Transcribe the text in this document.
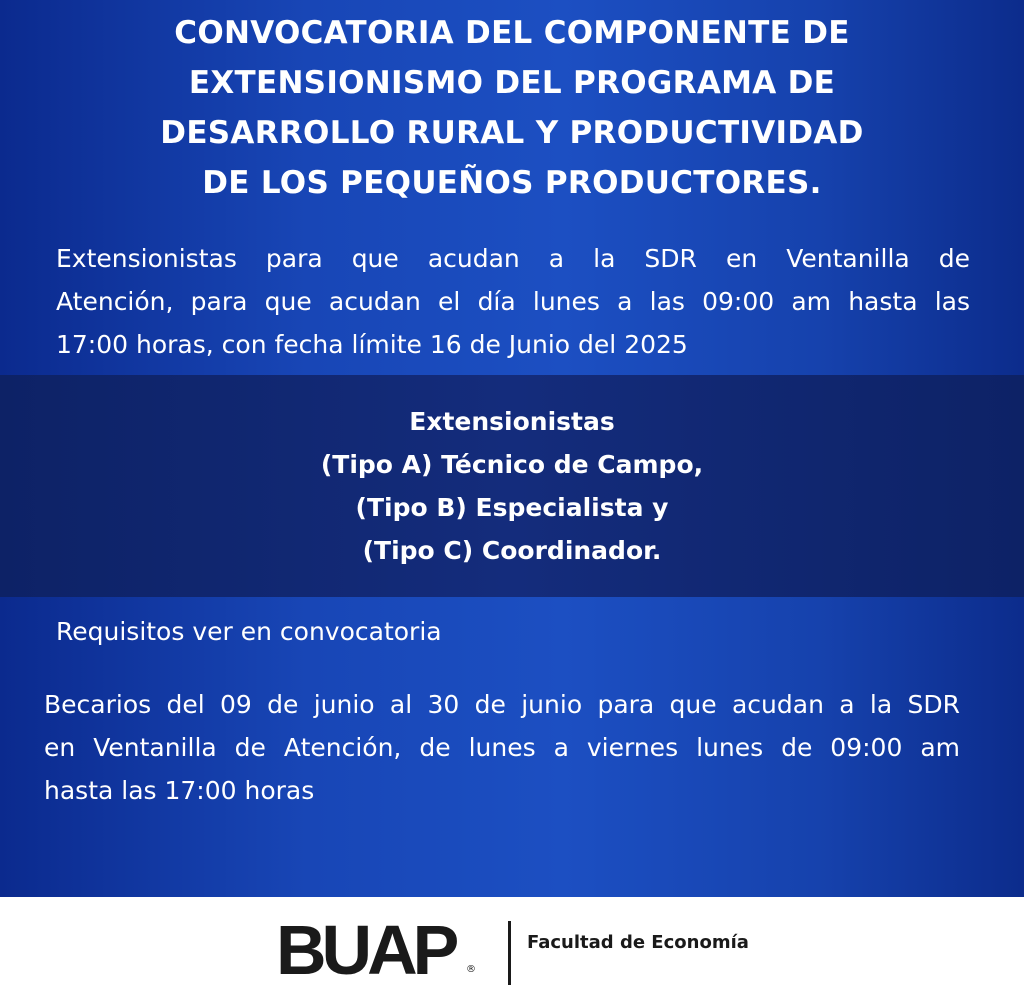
CONVOCATORIA DEL COMPONENTE DE
EXTENSIONISMO DEL PROGRAMA DE
DESARROLLO RURAL Y PRODUCTIVIDAD
DE LOS PEQUEÑOS PRODUCTORES.
Extensionistas para que acudan a la SDR en Ventanilla de
Atención, para que acudan el día lunes a las 09:00 am hasta las
17:00 horas, con fecha límite 16 de Junio del 2025
Extensionistas
(Tipo A) Técnico de Campo,
(Tipo B) Especialista y
(Tipo C) Coordinador.
Requisitos ver en convocatoria
Becarios del 09 de junio al 30 de junio para que acudan a la SDR
en Ventanilla de Atención, de lunes a viernes lunes de 09:00 am
hasta las 17:00 horas
BUAP ®
Facultad de Economía
